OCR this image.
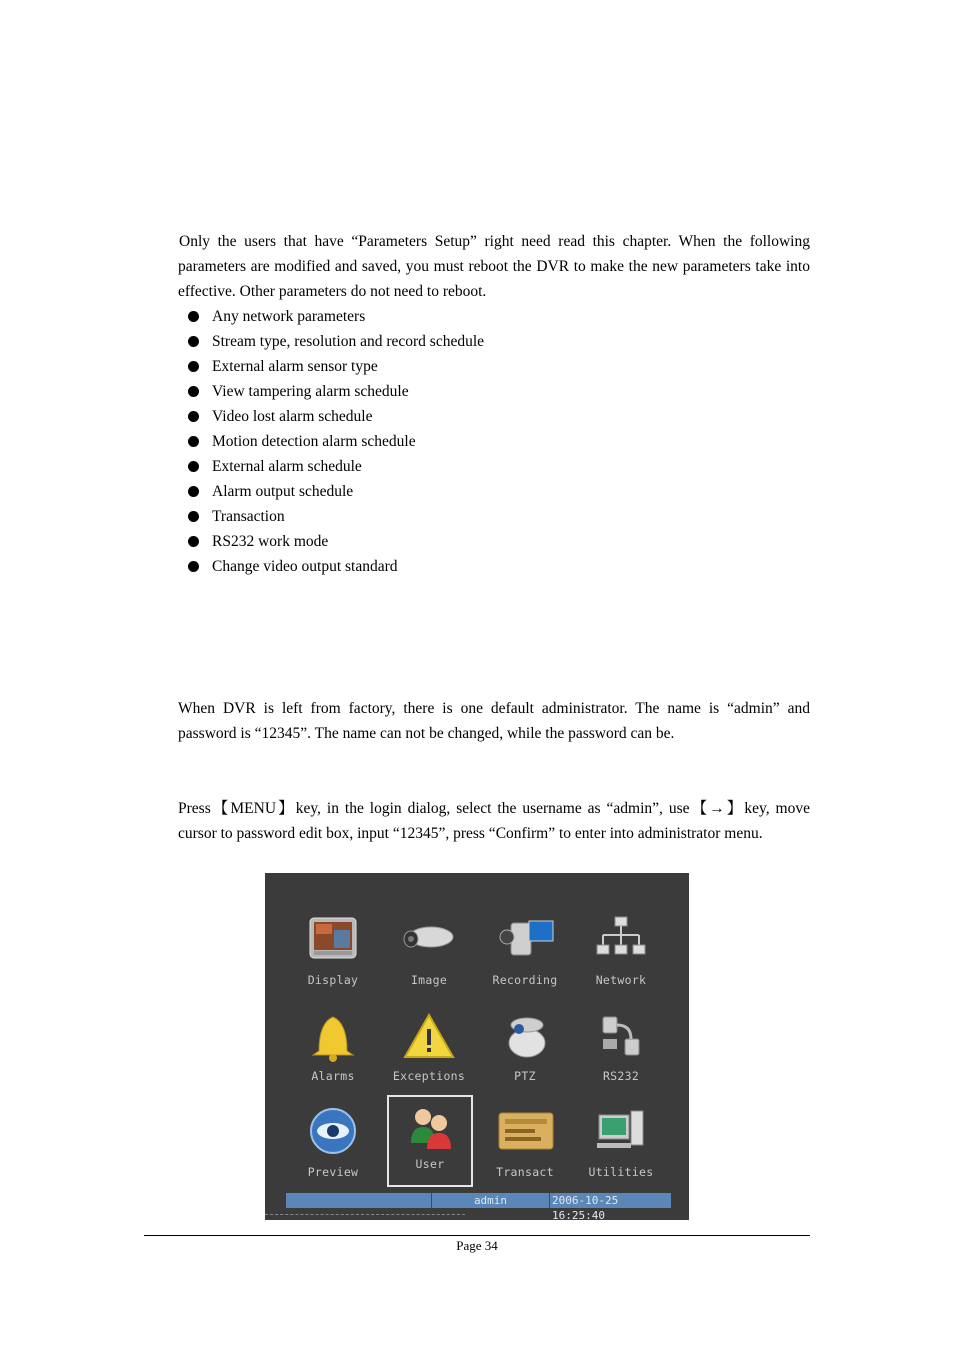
Only the users that have “Parameters Setup” right need read this chapter. When the following parameters are modified and saved, you must reboot the DVR to make the new parameters take into effective. Other parameters do not need to reboot.
Any network parameters
Stream type, resolution and record schedule
External alarm sensor type
View tampering alarm schedule
Video lost alarm schedule
Motion detection alarm schedule
External alarm schedule
Alarm output schedule
Transaction
RS232 work mode
Change video output standard
When DVR is left from factory, there is one default administrator. The name is “admin” and password is “12345”. The name can not be changed, while the password can be.
Press【MENU】key, in the login dialog, select the username as “admin”, use【→】key, move cursor to password edit box, input “12345”, press “Confirm” to enter into administrator menu.
Display	Image	Recording	Network
Alarms	Exceptions	PTZ	RS232
Preview
User
Transact	Utilities
admin	2006-10-25 16:25:40
Page 34
